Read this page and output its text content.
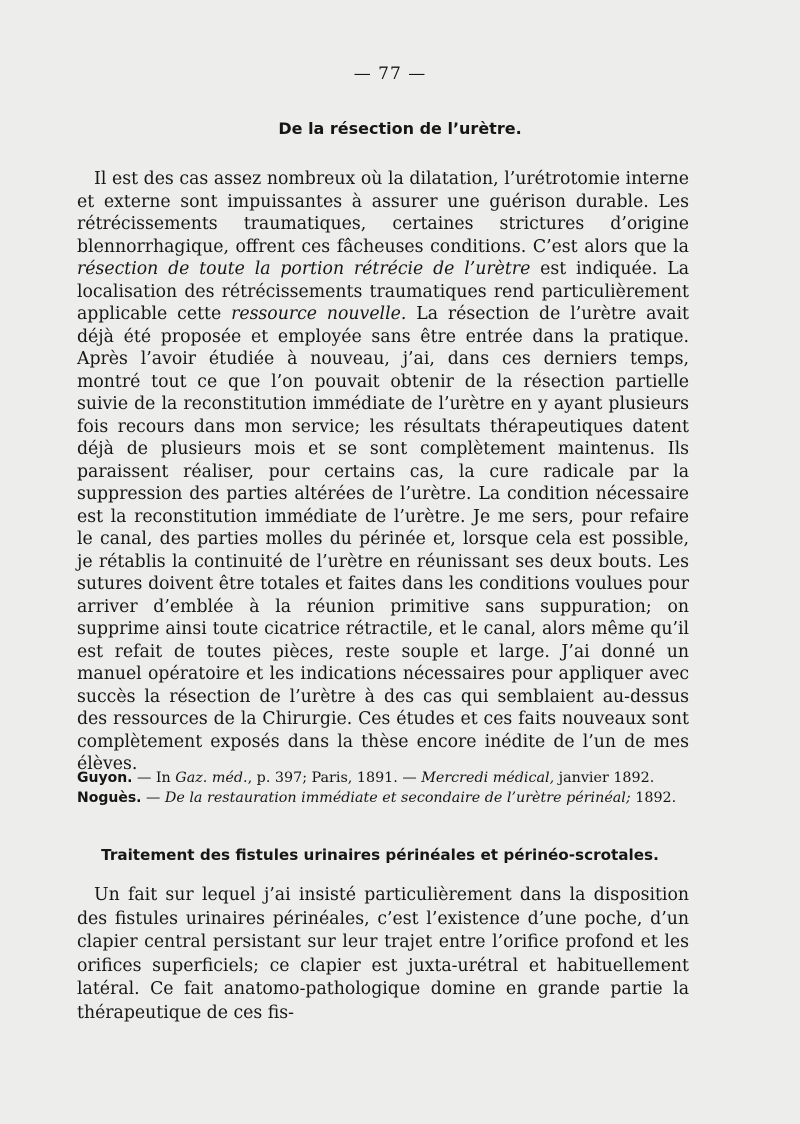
— 77 —
De la résection de l’urètre.

Il est des cas assez nombreux où la dilatation, l’urétrotomie interne et externe sont impuissantes à assurer une guérison durable. Les rétrécissements traumatiques, certaines strictures d’origine blennorrhagique, offrent ces fâcheuses conditions. C’est alors que la résection de toute la portion rétrécie de l’urètre est indiquée. La localisation des rétrécissements traumatiques rend particulièrement applicable cette ressource nouvelle. La résection de l’urètre avait déjà été proposée et employée sans être entrée dans la pratique. Après l’avoir étudiée à nouveau, j’ai, dans ces derniers temps, montré tout ce que l’on pouvait obtenir de la résection partielle suivie de la reconstitution immédiate de l’urètre en y ayant plusieurs fois recours dans mon service; les résultats thérapeutiques datent déjà de plusieurs mois et se sont complètement maintenus. Ils paraissent réaliser, pour certains cas, la cure radicale par la suppression des parties altérées de l’urètre. La condition nécessaire est la reconstitution immédiate de l’urètre. Je me sers, pour refaire le canal, des parties molles du périnée et, lorsque cela est possible, je rétablis la continuité de l’urètre en réunissant ses deux bouts. Les sutures doivent être totales et faites dans les conditions voulues pour arriver d’emblée à la réunion primitive sans suppuration; on supprime ainsi toute cicatrice rétractile, et le canal, alors même qu’il est refait de toutes pièces, reste souple et large. J’ai donné un manuel opératoire et les indications nécessaires pour appliquer avec succès la résection de l’urètre à des cas qui semblaient au-dessus des ressources de la Chirurgie. Ces études et ces faits nouveaux sont complètement exposés dans la thèse encore inédite de l’un de mes élèves.

Guyon. — In Gaz. méd., p. 397; Paris, 1891. — Mercredi médical, janvier 1892.
Noguès. — De la restauration immédiate et secondaire de l’urètre périnéal; 1892.
Traitement des fistules urinaires périnéales et périnéo-scrotales.

Un fait sur lequel j’ai insisté particulièrement dans la disposition des fistules urinaires périnéales, c’est l’existence d’une poche, d’un clapier central persistant sur leur trajet entre l’orifice profond et les orifices superficiels; ce clapier est juxta-urétral et habituellement latéral. Ce fait anatomo-pathologique domine en grande partie la thérapeutique de ces fis-
